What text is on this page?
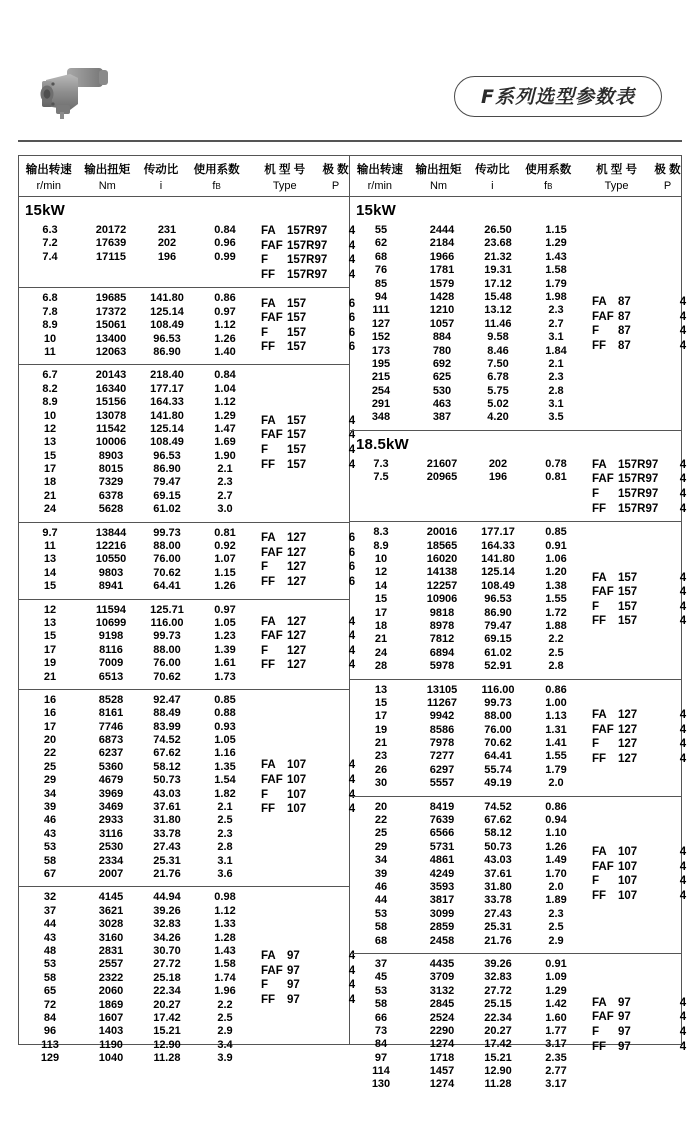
F系列选型参数表
输出转速	输出扭矩	传动比	使用系数	机 型 号	极 数
r/min	Nm	i	fB	Type	P
15kW
6.3	20172	231	0.84
7.2	17639	202	0.96
7.4	17115	196	0.99
FA 157R97	4
FAF 157R97	4
F	157R97	4
FF	157R97	4
6.8	19685	141.80	0.86
7.8	17372	125.14	0.97
8.9	15061	108.49	1.12
10	13400	96.53	1.26
11	12063	86.90	1.40
FA 157	6
FAF 157	6
F	157	6
FF	157	6
6.7	20143	218.40	0.84
8.2	16340	177.17	1.04
8.9	15156	164.33	1.12
10	13078	141.80	1.29
12	11542	125.14	1.47
13	10006	108.49	1.69
15	8903	96.53	1.90
17	8015	86.90	2.1
18	7329	79.47	2.3
21	6378	69.15	2.7
24	5628	61.02	3.0
FA 157	4
FAF 157	4
F	157	4
FF	157	4
9.7	13844	99.73	0.81
11	12216	88.00	0.92
13	10550	76.00	1.07
14	9803	70.62	1.15
15	8941	64.41	1.26
FA 127	6
FAF 127	6
F	127	6
FF	127	6
12	11594	125.71	0.97
13	10699	116.00	1.05
15	9198	99.73	1.23
17	8116	88.00	1.39
19	7009	76.00	1.61
21	6513	70.62	1.73
FA 127	4
FAF 127	4
F	127	4
FF	127	4
16	8528	92.47	0.85
16	8161	88.49	0.88
17	7746	83.99	0.93
20	6873	74.52	1.05
22	6237	67.62	1.16
25	5360	58.12	1.35
29	4679	50.73	1.54
34	3969	43.03	1.82
39	3469	37.61	2.1
46	2933	31.80	2.5
43	3116	33.78	2.3
53	2530	27.43	2.8
58	2334	25.31	3.1
67	2007	21.76	3.6
FA 107	4
FAF 107	4
F	107	4
FF	107	4
32	4145	44.94	0.98
37	3621	39.26	1.12
44	3028	32.83	1.33
43	3160	34.26	1.28
48	2831	30.70	1.43
53	2557	27.72	1.58
58	2322	25.18	1.74
65	2060	22.34	1.96
72	1869	20.27	2.2
84	1607	17.42	2.5
96	1403	15.21	2.9
113	1190	12.90	3.4
129	1040	11.28	3.9
FA 97	4
FAF 97	4
F	97	4
FF	97	4
输出转速	输出扭矩	传动比	使用系数	机 型 号	极 数
r/min	Nm	i	fB	Type	P
15kW
55	2444	26.50	1.15
62	2184	23.68	1.29
68	1966	21.32	1.43
76	1781	19.31	1.58
85	1579	17.12	1.79
94	1428	15.48	1.98
111	1210	13.12	2.3
127	1057	11.46	2.7
152	884	9.58	3.1
173	780	8.46	1.84
195	692	7.50	2.1
215	625	6.78	2.3
254	530	5.75	2.8
291	463	5.02	3.1
348	387	4.20	3.5
FA 87	4
FAF 87	4
F	87	4
FF	87	4
18.5kW
7.3	21607	202	0.78
7.5	20965	196	0.81
FA 157R97	4
FAF 157R97	4
F	157R97	4
FF	157R97	4
8.3	20016	177.17	0.85
8.9	18565	164.33	0.91
10	16020	141.80	1.06
12	14138	125.14	1.20
14	12257	108.49	1.38
15	10906	96.53	1.55
17	9818	86.90	1.72
18	8978	79.47	1.88
21	7812	69.15	2.2
24	6894	61.02	2.5
28	5978	52.91	2.8
FA 157	4
FAF 157	4
F	157	4
FF	157	4
13	13105	116.00	0.86
15	11267	99.73	1.00
17	9942	88.00	1.13
19	8586	76.00	1.31
21	7978	70.62	1.41
23	7277	64.41	1.55
26	6297	55.74	1.79
30	5557	49.19	2.0
FA 127	4
FAF 127	4
F	127	4
FF	127	4
20	8419	74.52	0.86
22	7639	67.62	0.94
25	6566	58.12	1.10
29	5731	50.73	1.26
34	4861	43.03	1.49
39	4249	37.61	1.70
46	3593	31.80	2.0
44	3817	33.78	1.89
53	3099	27.43	2.3
58	2859	25.31	2.5
68	2458	21.76	2.9
FA 107	4
FAF 107	4
F	107	4
FF	107	4
37	4435	39.26	0.91
45	3709	32.83	1.09
53	3132	27.72	1.29
58	2845	25.15	1.42
66	2524	22.34	1.60
73	2290	20.27	1.77
84	1274	17.42	3.17
97	1718	15.21	2.35
114	1457	12.90	2.77
130	1274	11.28	3.17
FA 97	4
FAF 97	4
F	97	4
FF	97	4
